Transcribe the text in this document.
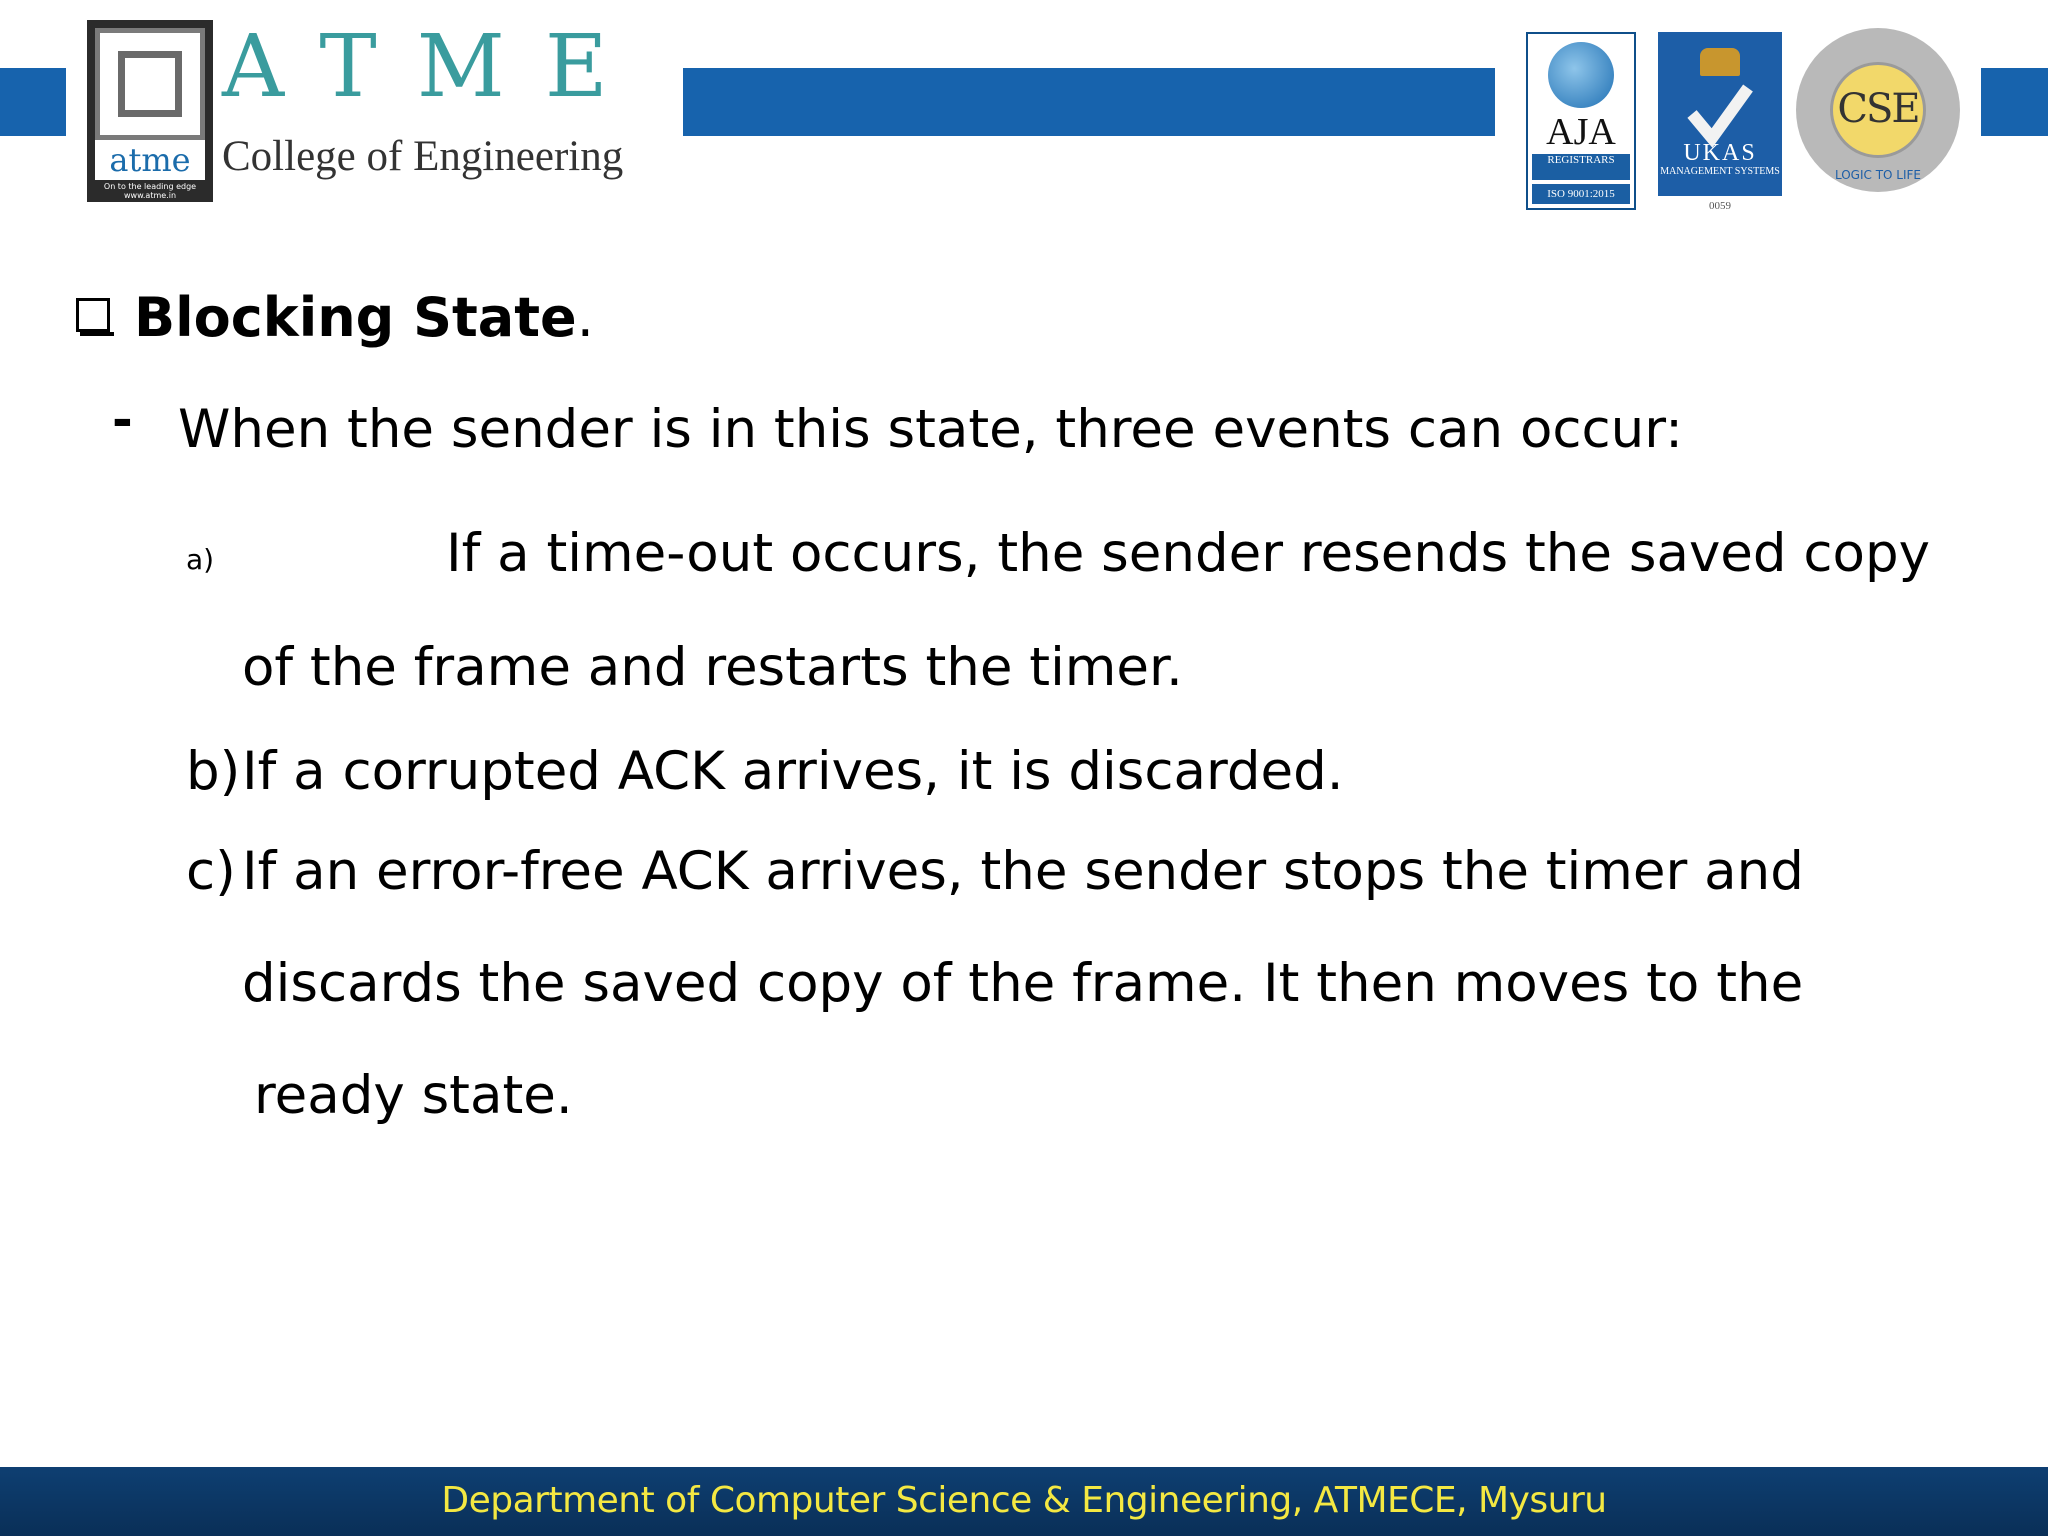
atme
On to the leading edge www.atme.in
ATME
College of Engineering
AJA
REGISTRARS
ISO 9001:2015
UKAS
MANAGEMENT SYSTEMS
0059
CSE
LOGIC TO LIFE
Blocking State.
- When the sender is in this state, three events can occur:
a)	If a time-out occurs, the sender resends the saved copy
of the frame and restarts the timer.
b) If a corrupted ACK arrives, it is discarded.
c) If an error-free ACK arrives, the sender stops the timer and
discards the saved copy of the frame. It then moves to the
ready state.
Department of Computer Science & Engineering, ATMECE, Mysuru
